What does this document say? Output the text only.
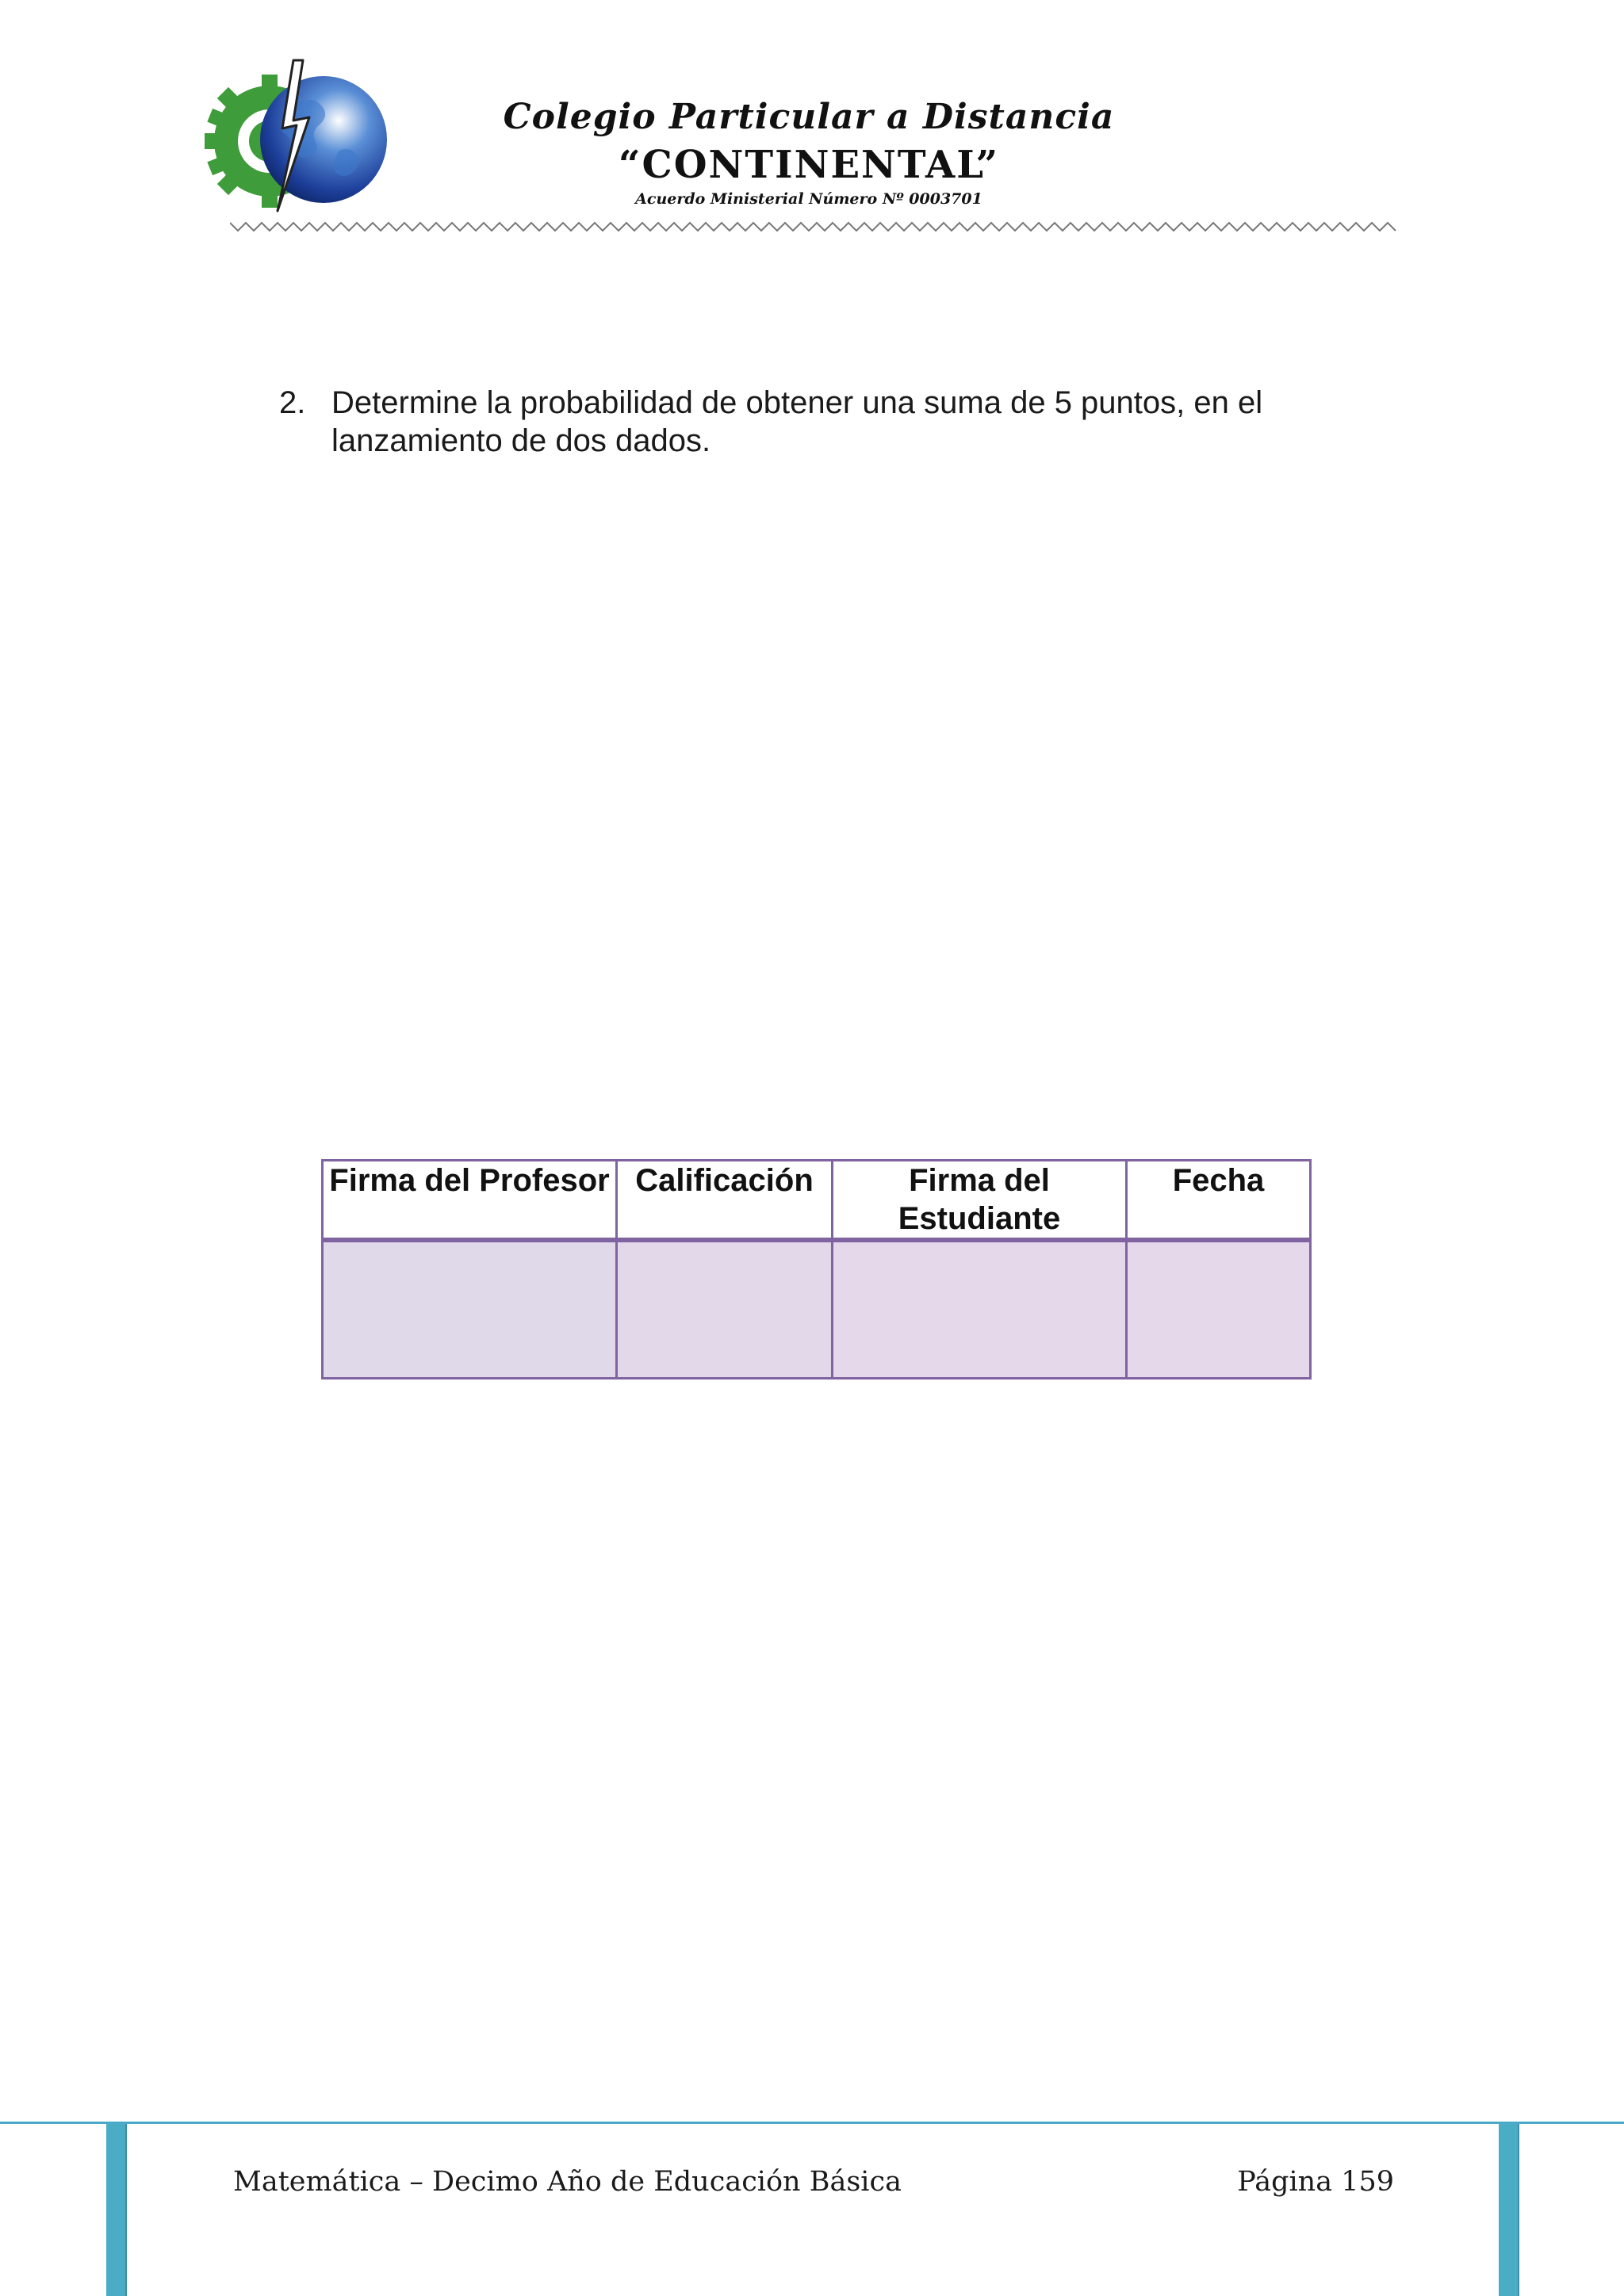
Colegio Particular a Distancia
“CONTINENTAL”
Acuerdo Ministerial Número Nº 0003701
2. Determine la probabilidad de obtener una suma de 5 puntos, en el lanzamiento de dos dados.
Firma del Profesor	Calificación	Firma del Estudiante	Fecha

Matemática – Decimo Año de Educación Básica	Página 159
